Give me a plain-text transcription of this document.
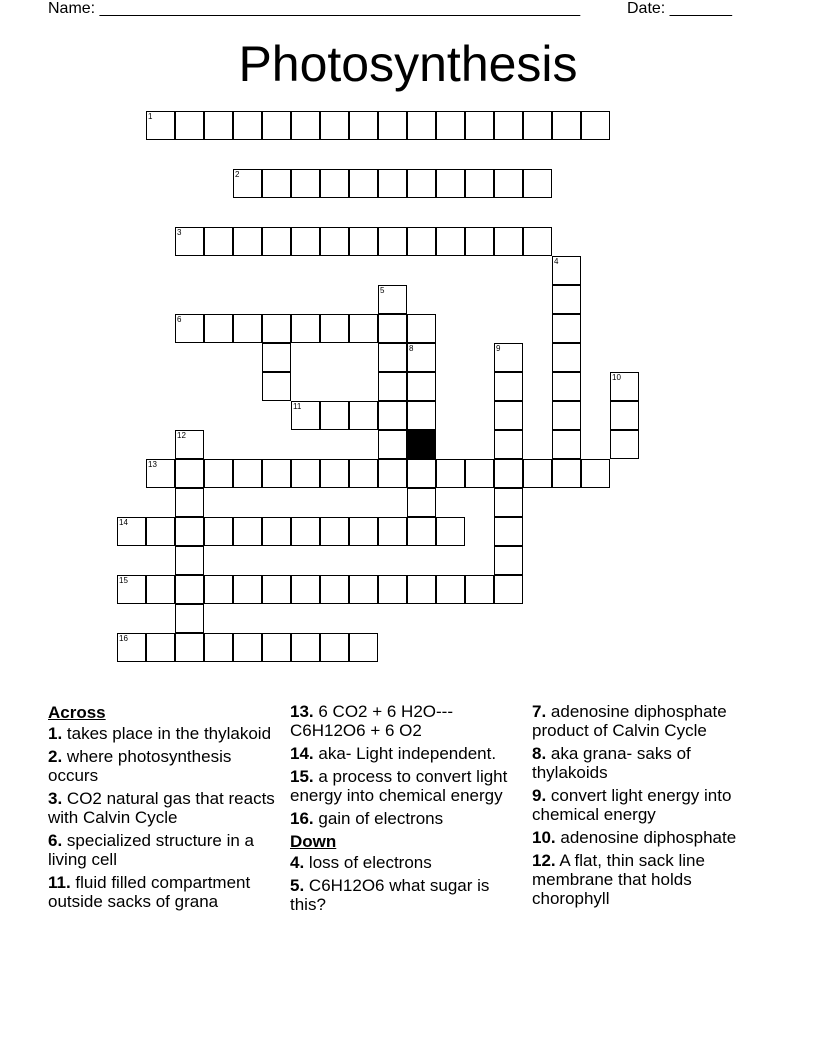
Name: ______________________________________________________	Date: _______
Photosynthesis
1
2
3
4
5
6
8	9
10
11
12
13
14
15
16
Across
1. takes place in the thylakoid
2. where photosynthesis occurs
3. CO2 natural gas that reacts with Calvin Cycle
6. specialized structure in a living cell
11. fluid filled compartment outside sacks of grana
13. 6 CO2 + 6 H2O---C6H12O6 + 6 O2
14. aka- Light independent.
15. a process to convert light energy into chemical energy
16. gain of electrons
Down
4. loss of electrons
5. C6H12O6 what sugar is this?
7. adenosine diphosphate product of Calvin Cycle
8. aka grana- saks of thylakoids
9. convert light energy into chemical energy
10. adenosine diphosphate
12. A flat, thin sack line membrane that holds chorophyll
